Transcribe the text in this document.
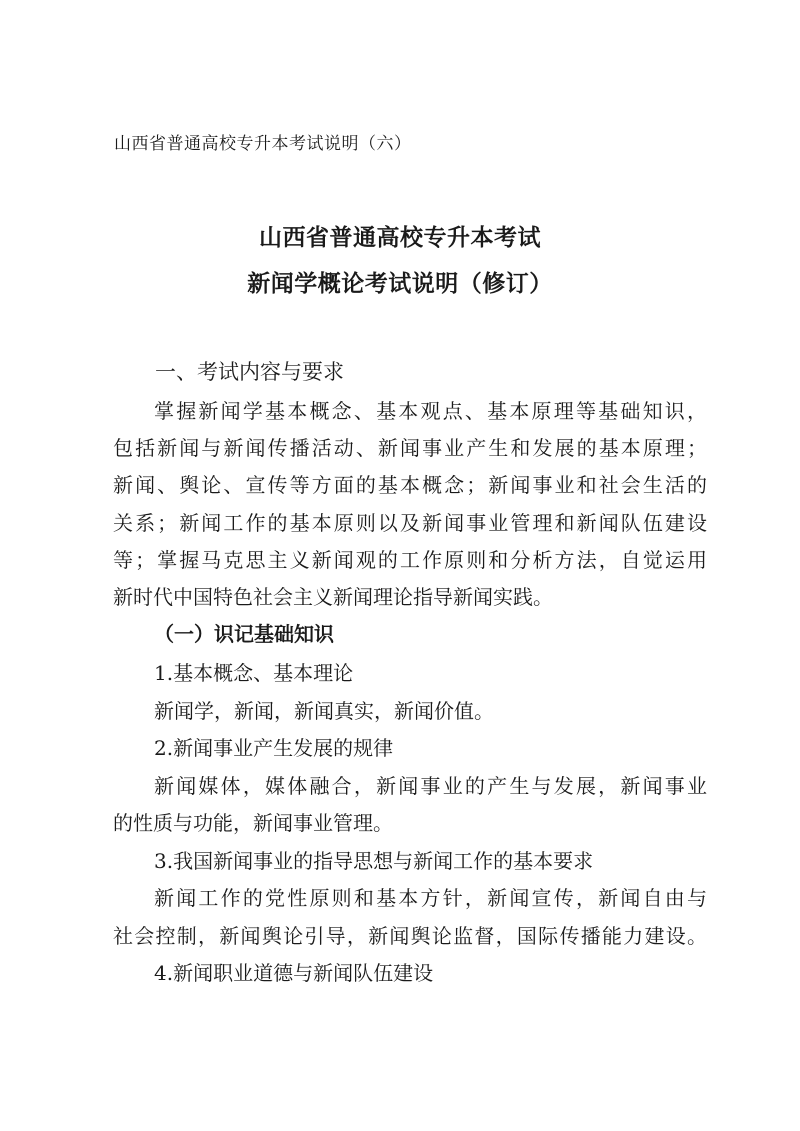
山西省普通高校专升本考试说明（六）
山西省普通高校专升本考试
新闻学概论考试说明（修订）
一、考试内容与要求
掌握新闻学基本概念、基本观点、基本原理等基础知识，
包括新闻与新闻传播活动、新闻事业产生和发展的基本原理；
新闻、舆论、宣传等方面的基本概念；新闻事业和社会生活的
关系；新闻工作的基本原则以及新闻事业管理和新闻队伍建设
等；掌握马克思主义新闻观的工作原则和分析方法，自觉运用
新时代中国特色社会主义新闻理论指导新闻实践。
（一）识记基础知识
1.基本概念、基本理论
新闻学，新闻，新闻真实，新闻价值。
2.新闻事业产生发展的规律
新闻媒体，媒体融合，新闻事业的产生与发展，新闻事业
的性质与功能，新闻事业管理。
3.我国新闻事业的指导思想与新闻工作的基本要求
新闻工作的党性原则和基本方针，新闻宣传，新闻自由与
社会控制，新闻舆论引导，新闻舆论监督，国际传播能力建设。
4.新闻职业道德与新闻队伍建设
